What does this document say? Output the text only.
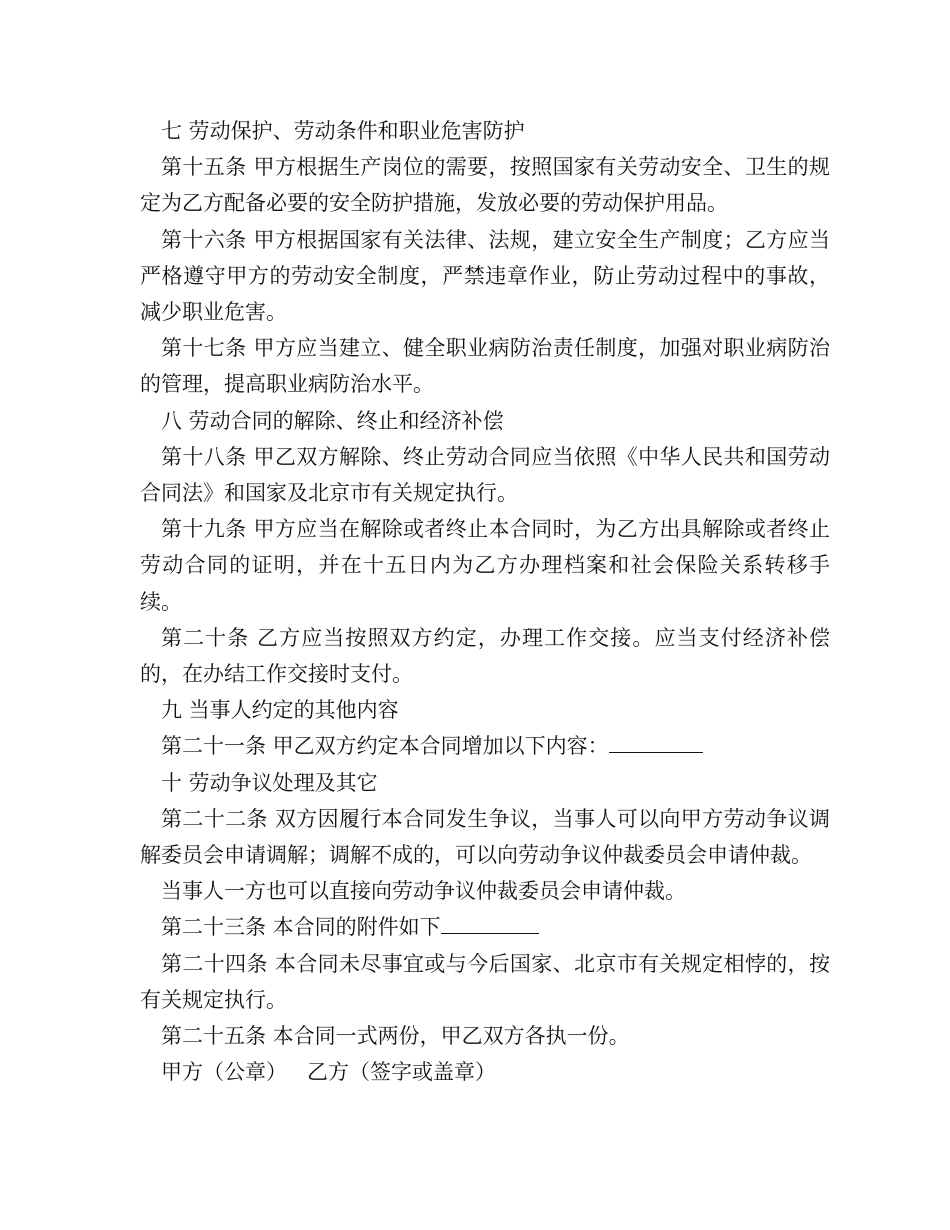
七 劳动保护、劳动条件和职业危害防护

第十五条 甲方根据生产岗位的需要，按照国家有关劳动安全、卫生的规定为乙方配备必要的安全防护措施，发放必要的劳动保护用品。

第十六条 甲方根据国家有关法律、法规，建立安全生产制度；乙方应当严格遵守甲方的劳动安全制度，严禁违章作业，防止劳动过程中的事故，减少职业危害。

第十七条 甲方应当建立、健全职业病防治责任制度，加强对职业病防治的管理，提高职业病防治水平。

八 劳动合同的解除、终止和经济补偿

第十八条 甲乙双方解除、终止劳动合同应当依照《中华人民共和国劳动合同法》和国家及北京市有关规定执行。

第十九条 甲方应当在解除或者终止本合同时，为乙方出具解除或者终止劳动合同的证明，并在十五日内为乙方办理档案和社会保险关系转移手续。

第二十条 乙方应当按照双方约定，办理工作交接。应当支付经济补偿的，在办结工作交接时支付。

九 当事人约定的其他内容

第二十一条 甲乙双方约定本合同增加以下内容：

十 劳动争议处理及其它

第二十二条 双方因履行本合同发生争议，当事人可以向甲方劳动争议调解委员会申请调解；调解不成的，可以向劳动争议仲裁委员会申请仲裁。

当事人一方也可以直接向劳动争议仲裁委员会申请仲裁。

第二十三条 本合同的附件如下

第二十四条 本合同未尽事宜或与今后国家、北京市有关规定相悖的，按有关规定执行。

第二十五条 本合同一式两份，甲乙双方各执一份。

甲方（公章） 乙方（签字或盖章）
